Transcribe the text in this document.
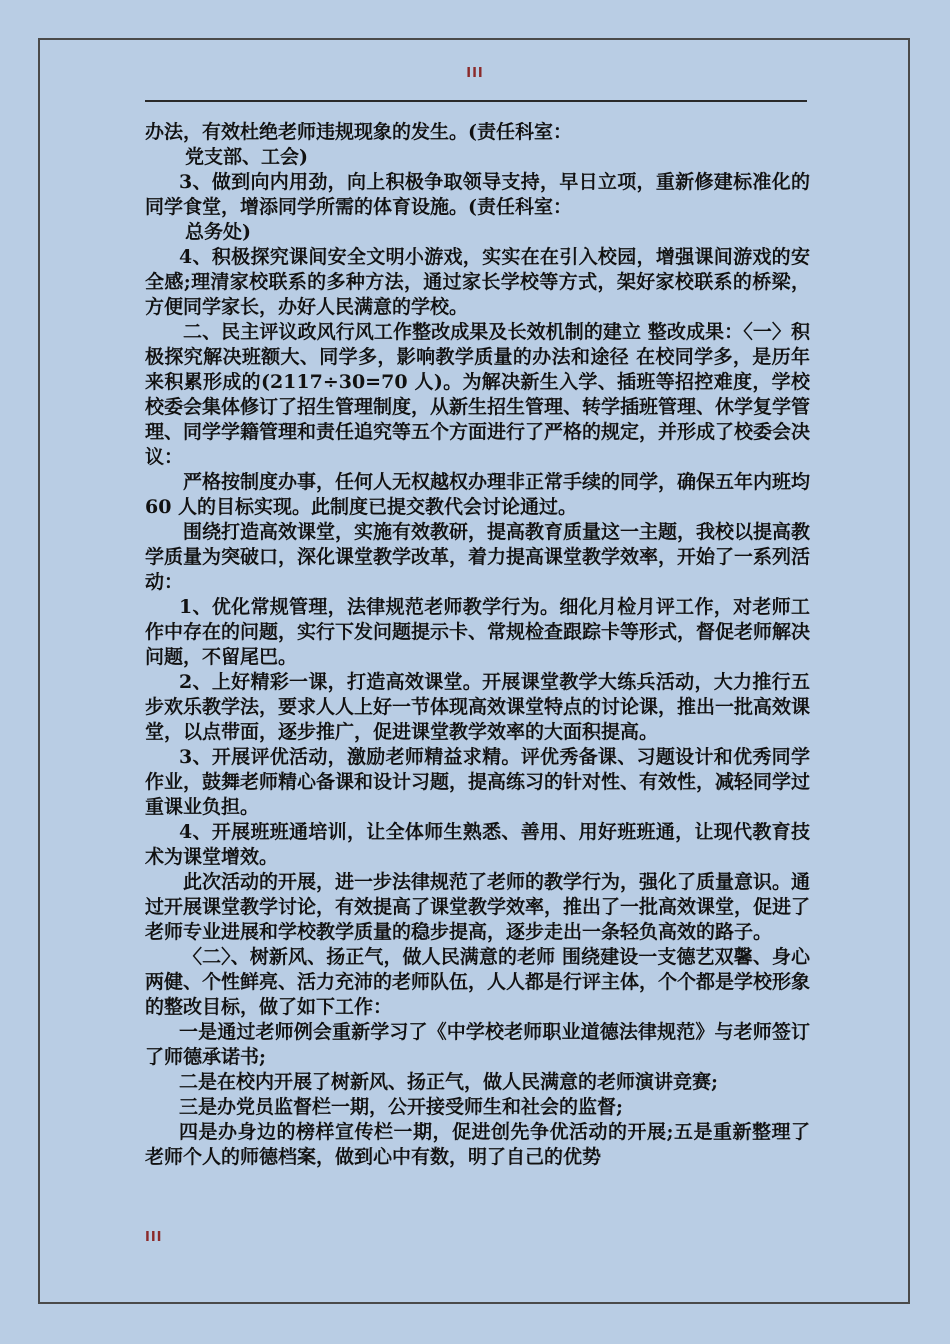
III

办法，有效杜绝老师违规现象的发生。(责任科室：

党支部、工会)

3、做到向内用劲，向上积极争取领导支持，早日立项，重新修建标准化的同学食堂，增添同学所需的体育设施。(责任科室：

总务处)

4、积极探究课间安全文明小游戏，实实在在引入校园，增强课间游戏的安全感;理清家校联系的多种方法，通过家长学校等方式，架好家校联系的桥梁，方便同学家长，办好人民满意的学校。

二、民主评议政风行风工作整改成果及长效机制的建立 整改成果：〈一〉积极探究解决班额大、同学多，影响教学质量的办法和途径 在校同学多，是历年来积累形成的(2117÷30=70 人)。为解决新生入学、插班等招控难度，学校校委会集体修订了招生管理制度，从新生招生管理、转学插班管理、休学复学管理、同学学籍管理和责任追究等五个方面进行了严格的规定，并形成了校委会决议：

严格按制度办事，任何人无权越权办理非正常手续的同学，确保五年内班均 60 人的目标实现。此制度已提交教代会讨论通过。

围绕打造高效课堂，实施有效教研，提高教育质量这一主题，我校以提高教学质量为突破口，深化课堂教学改革，着力提高课堂教学效率，开始了一系列活动：

1、优化常规管理，法律规范老师教学行为。细化月检月评工作，对老师工作中存在的问题，实行下发问题提示卡、常规检查跟踪卡等形式，督促老师解决问题，不留尾巴。

2、上好精彩一课，打造高效课堂。开展课堂教学大练兵活动，大力推行五步欢乐教学法，要求人人上好一节体现高效课堂特点的讨论课，推出一批高效课堂，以点带面，逐步推广，促进课堂教学效率的大面积提高。

3、开展评优活动，激励老师精益求精。评优秀备课、习题设计和优秀同学作业，鼓舞老师精心备课和设计习题，提高练习的针对性、有效性，减轻同学过重课业负担。

4、开展班班通培训，让全体师生熟悉、善用、用好班班通，让现代教育技术为课堂增效。

此次活动的开展，进一步法律规范了老师的教学行为，强化了质量意识。通过开展课堂教学讨论，有效提高了课堂教学效率，推出了一批高效课堂，促进了老师专业进展和学校教学质量的稳步提高，逐步走出一条轻负高效的路子。

〈二〉、树新风、扬正气，做人民满意的老师 围绕建设一支德艺双馨、身心两健、个性鲜亮、活力充沛的老师队伍，人人都是行评主体，个个都是学校形象的整改目标，做了如下工作：

一是通过老师例会重新学习了《中学校老师职业道德法律规范》与老师签订了师德承诺书;

二是在校内开展了树新风、扬正气，做人民满意的老师演讲竞赛;

三是办党员监督栏一期，公开接受师生和社会的监督;

四是办身边的榜样宣传栏一期，促进创先争优活动的开展;五是重新整理了老师个人的师德档案，做到心中有数，明了自己的优势

III
